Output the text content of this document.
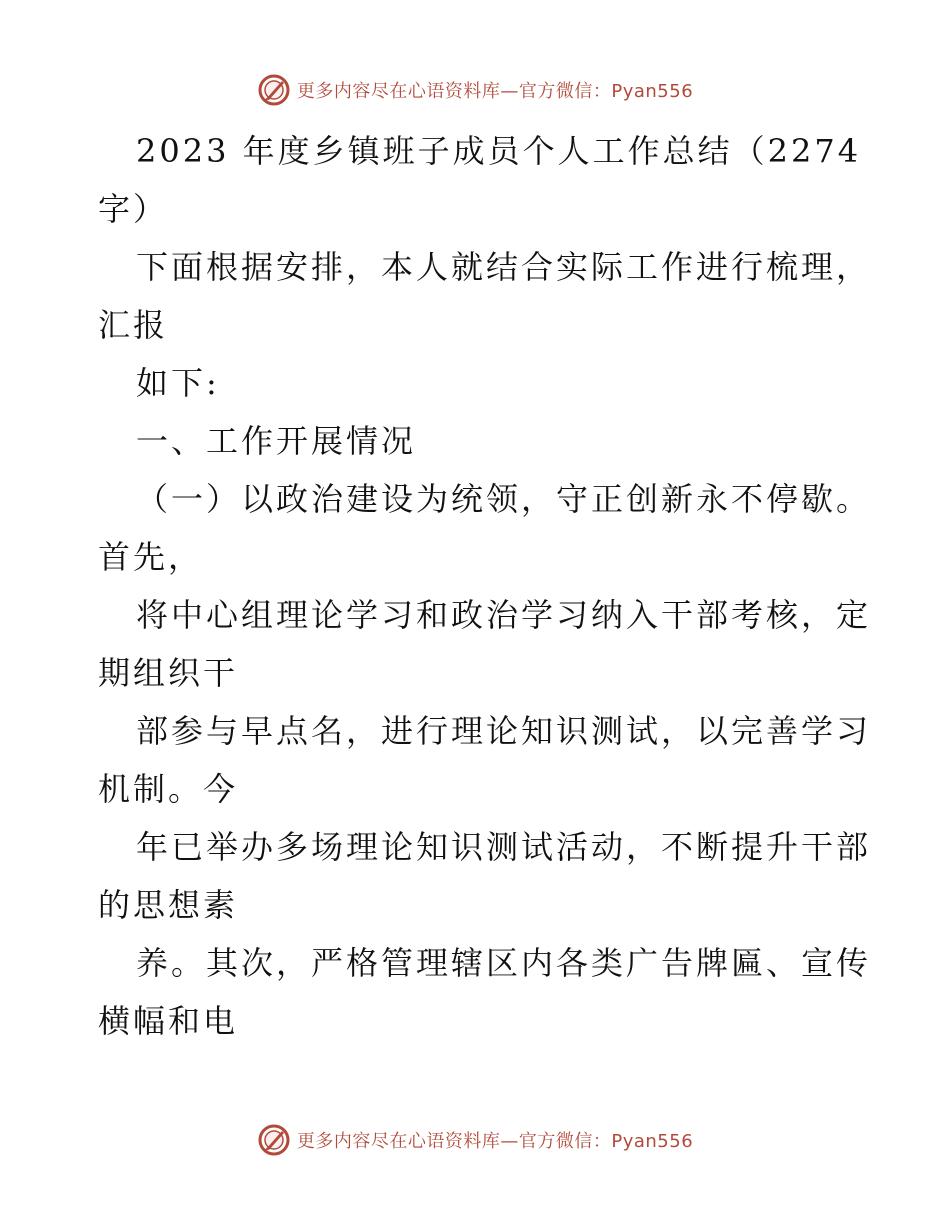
更多内容尽在心语资料库—官方微信：Pyan556
2023 年度乡镇班子成员个人工作总结（2274
字）
下面根据安排，本人就结合实际工作进行梳理，
汇报
如下:
一、工作开展情况
（一）以政治建设为统领，守正创新永不停歇。
首先，
将中心组理论学习和政治学习纳入干部考核，定
期组织干
部参与早点名，进行理论知识测试，以完善学习
机制。今
年已举办多场理论知识测试活动，不断提升干部
的思想素
养。其次，严格管理辖区内各类广告牌匾、宣传
横幅和电
更多内容尽在心语资料库—官方微信：Pyan556
